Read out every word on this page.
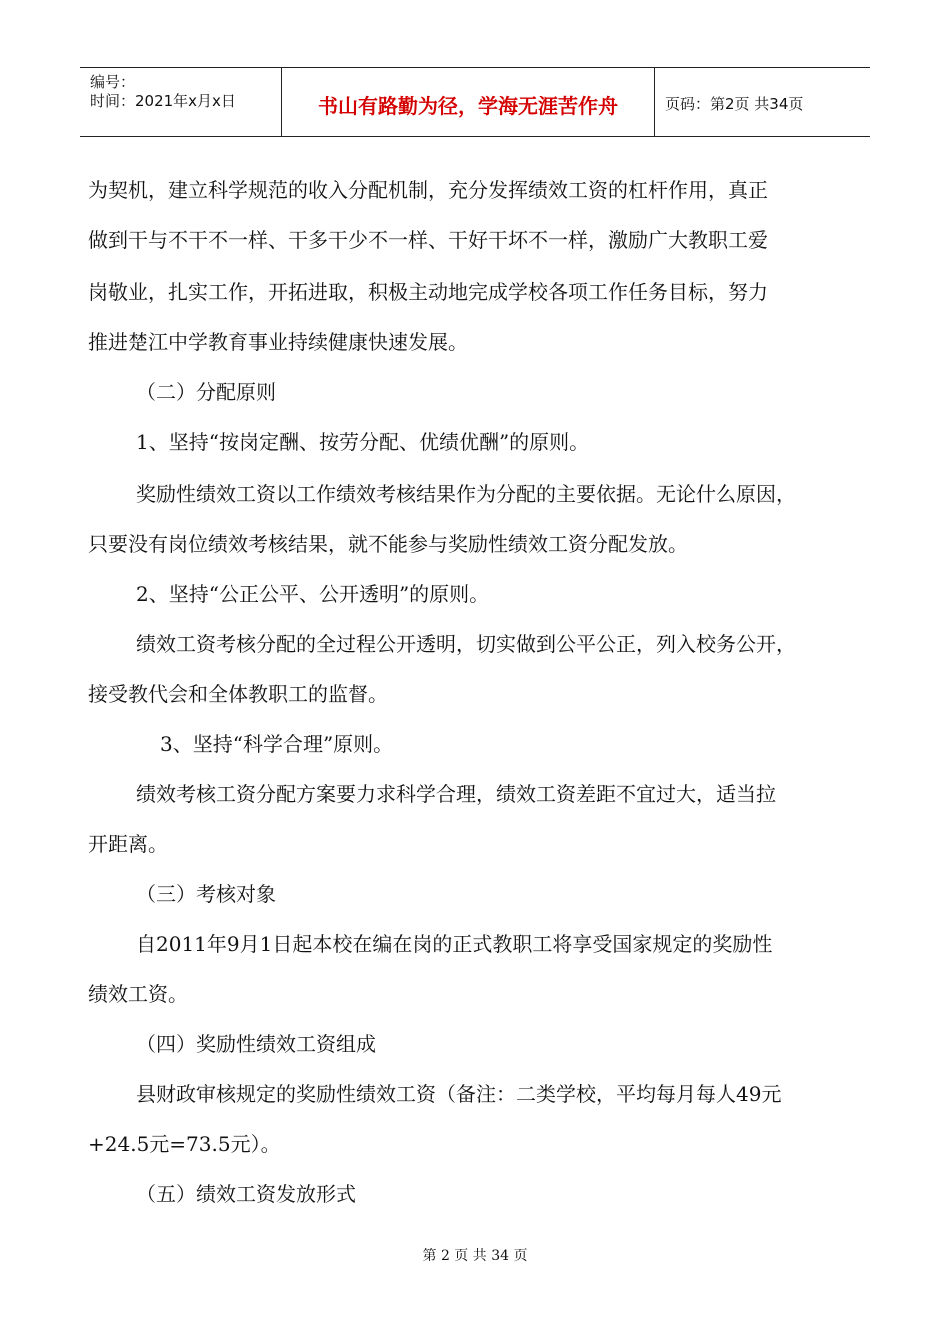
编号：
时间：2021年x月x日	书山有路勤为径，学海无涯苦作舟	页码：第2页 共34页
为契机，建立科学规范的收入分配机制，充分发挥绩效工资的杠杆作用，真正
做到干与不干不一样、干多干少不一样、干好干坏不一样，激励广大教职工爱
岗敬业，扎实工作，开拓进取，积极主动地完成学校各项工作任务目标，努力
推进楚江中学教育事业持续健康快速发展。
（二）分配原则
1、坚持“按岗定酬、按劳分配、优绩优酬”的原则。
奖励性绩效工资以工作绩效考核结果作为分配的主要依据。无论什么原因，
只要没有岗位绩效考核结果，就不能参与奖励性绩效工资分配发放。
2、坚持“公正公平、公开透明”的原则。
绩效工资考核分配的全过程公开透明，切实做到公平公正，列入校务公开，
接受教代会和全体教职工的监督。
3、坚持“科学合理”原则。
绩效考核工资分配方案要力求科学合理，绩效工资差距不宜过大，适当拉
开距离。
（三）考核对象
自2011年9月1日起本校在编在岗的正式教职工将享受国家规定的奖励性
绩效工资。
（四）奖励性绩效工资组成
县财政审核规定的奖励性绩效工资（备注：二类学校，平均每月每人49元
+24.5元=73.5元）。
（五）绩效工资发放形式
第 2 页 共 34 页
